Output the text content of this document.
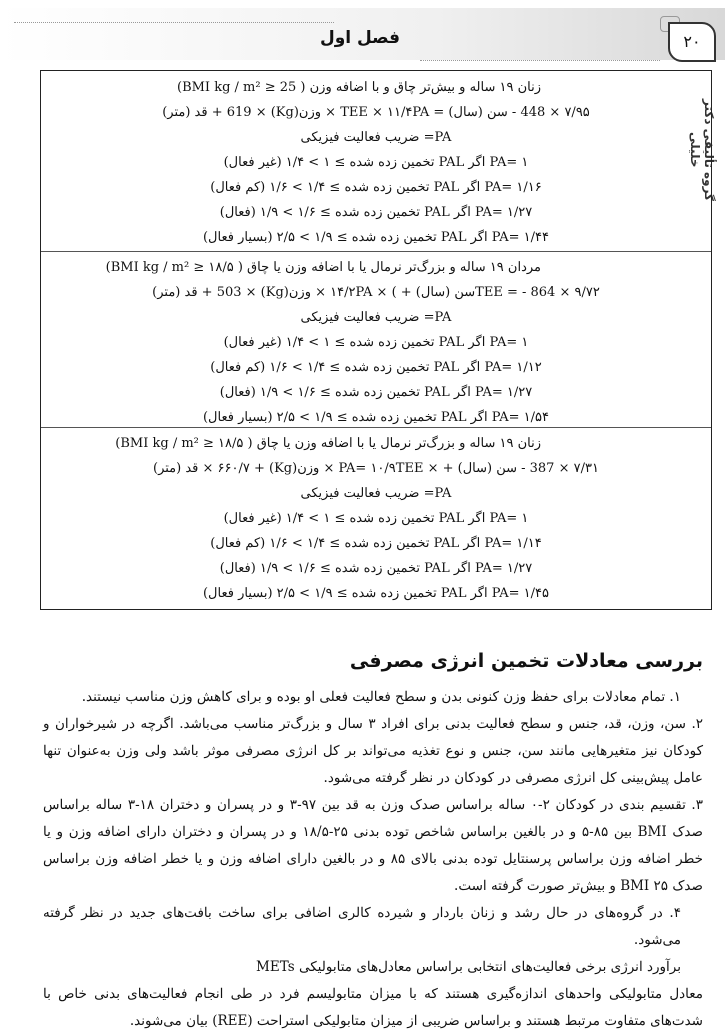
فصل اول	۲۰
گروه تألیفی دکتر خلیلی
زنان ۱۹ ساله و بیش‌تر چاق و با اضافه وزن ( BMI kg / m² ≥ 25)
۷/۹۵ × 448 - سن (سال) = TEE × ۱۱/۴PA × وزن(Kg) × 619 + قد (متر)
PA= ضریب فعالیت فیزیکی
PA= ۱ اگر PAL تخمین زده شده ≥ ۱ > ۱/۴ (غیر فعال)
PA= ۱/۱۶ اگر PAL تخمین زده شده ≥ ۱/۴ > ۱/۶ (کم فعال)
PA= ۱/۲۷ اگر PAL تخمین زده شده ≥ ۱/۶ > ۱/۹ (فعال)
PA= ۱/۴۴ اگر PAL تخمین زده شده ≥ ۱/۹ > ۲/۵ (بسیار فعال)
مردان ۱۹ ساله و بزرگ‌تر نرمال یا با اضافه وزن یا چاق ( BMI kg / m² ≥ ۱۸/۵)
۹/۷۲ × 864 - = TEEسن (سال) + ) × ۱۴/۲PA × وزن(Kg) × 503 + قد (متر)
PA= ضریب فعالیت فیزیکی
PA= ۱ اگر PAL تخمین زده شده ≥ ۱ > ۱/۴ (غیر فعال)
PA= ۱/۱۲ اگر PAL تخمین زده شده ≥ ۱/۴ > ۱/۶ (کم فعال)
PA= ۱/۲۷ اگر PAL تخمین زده شده ≥ ۱/۶ > ۱/۹ (فعال)
PA= ۱/۵۴ اگر PAL تخمین زده شده ≥ ۱/۹ > ۲/۵ (بسیار فعال)
زنان ۱۹ ساله و بزرگ‌تر نرمال یا با اضافه وزن یا چاق ( BMI kg / m² ≥ ۱۸/۵)
۷/۳۱ × 387 - سن (سال) + × PA= ۱۰/۹TEE × وزن(Kg) + ۶۶۰/۷ × قد (متر)
PA= ضریب فعالیت فیزیکی
PA= ۱ اگر PAL تخمین زده شده ≥ ۱ > ۱/۴ (غیر فعال)
PA= ۱/۱۴ اگر PAL تخمین زده شده ≥ ۱/۴ > ۱/۶ (کم فعال)
PA= ۱/۲۷ اگر PAL تخمین زده شده ≥ ۱/۶ > ۱/۹ (فعال)
PA= ۱/۴۵ اگر PAL تخمین زده شده ≥ ۱/۹ > ۲/۵ (بسیار فعال)
بررسی معادلات تخمین انرژی مصرفی

۱. تمام معادلات برای حفظ وزن کنونی بدن و سطح فعالیت فعلی او بوده و برای کاهش وزن مناسب نیستند.

۲. سن، وزن، قد، جنس و سطح فعالیت بدنی برای افراد ۳ سال و بزرگ‌تر مناسب می‌باشد. اگرچه در شیرخواران و کودکان نیز متغیرهایی مانند سن، جنس و نوع تغذیه می‌تواند بر کل انرژی مصرفی موثر باشد ولی وزن به‌عنوان تنها عامل پیش‌بینی کل انرژی مصرفی در کودکان در نظر گرفته می‌شود.

۳. تقسیم بندی در کودکان ۲-۰ ساله براساس صدک وزن به قد بین ۹۷-۳ و در پسران و دختران ۱۸-۳ ساله براساس صدک BMI بین ۸۵-۵ و در بالغین براساس شاخص توده بدنی ۲۵-۱۸/۵ و در پسران و دختران دارای اضافه وزن و یا خطر اضافه وزن براساس پرسنتایل توده بدنی بالای ۸۵ و در بالغین دارای اضافه وزن و یا خطر اضافه وزن براساس صدک BMI ۲۵ و بیش‌تر صورت گرفته است.

۴. در گروه‌های در حال رشد و زنان باردار و شیرده کالری اضافی برای ساخت بافت‌های جدید در نظر گرفته می‌شود.

برآورد انرژی برخی فعالیت‌های انتخابی براساس معادل‌های متابولیکی METs

معادل متابولیکی واحدهای اندازه‌گیری هستند که با میزان متابولیسم فرد در طی انجام فعالیت‌های بدنی خاص با شدت‌های متفاوت مرتبط هستند و براساس ضریبی از میزان متابولیکی استراحت (REE) بیان می‌شوند.
